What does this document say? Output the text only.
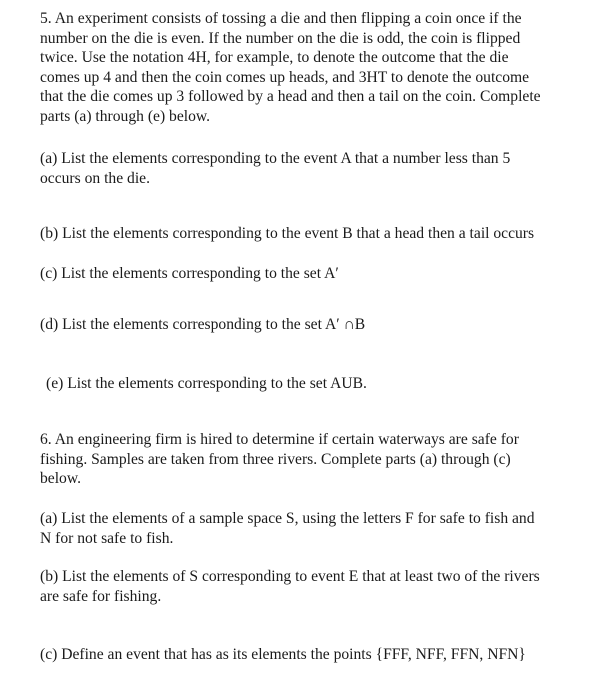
5. An experiment consists of tossing a die and then flipping a coin once if the
number on the die is even. If the number on the die is odd, the coin is flipped
twice. Use the notation 4H, for example, to denote the outcome that the die
comes up 4 and then the coin comes up heads, and 3HT to denote the outcome
that the die comes up 3 followed by a head and then a tail on the coin. Complete
parts (a) through (e) below.

(a) List the elements corresponding to the event A that a number less than 5
occurs on the die.

(b) List the elements corresponding to the event B that a head then a tail occurs

(c) List the elements corresponding to the set A′

(d) List the elements corresponding to the set A′ ∩B

(e) List the elements corresponding to the set AUB.

6. An engineering firm is hired to determine if certain waterways are safe for
fishing. Samples are taken from three rivers. Complete parts (a) through (c)
below.

(a) List the elements of a sample space S, using the letters F for safe to fish and
N for not safe to fish.

(b) List the elements of S corresponding to event E that at least two of the rivers
are safe for fishing.

(c) Define an event that has as its elements the points {FFF, NFF, FFN, NFN}
